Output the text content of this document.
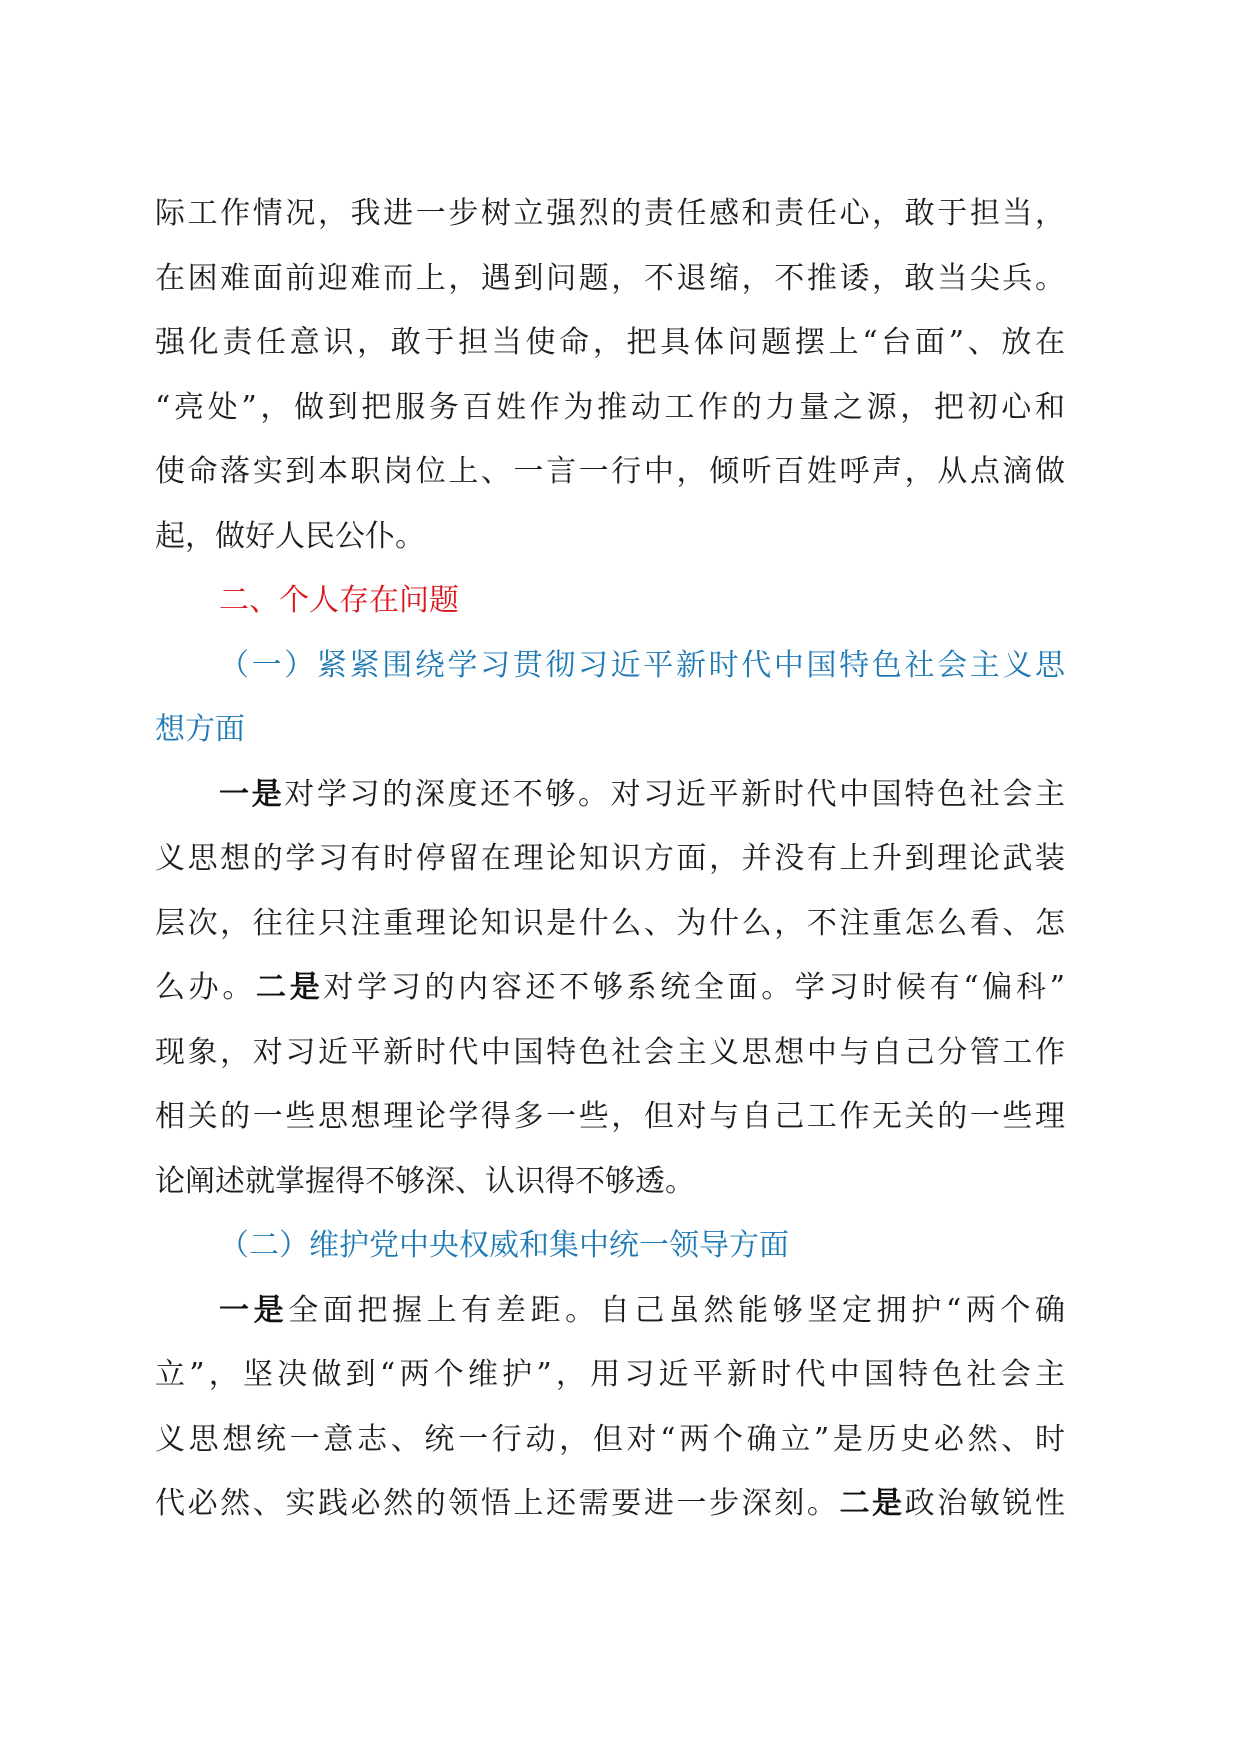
际工作情况，我进一步树立强烈的责任感和责任心，敢于担当，
在困难面前迎难而上，遇到问题，不退缩，不推诿，敢当尖兵。
强化责任意识，敢于担当使命，把具体问题摆上“台面”、放在
“亮处”，做到把服务百姓作为推动工作的力量之源，把初心和
使命落实到本职岗位上、一言一行中，倾听百姓呼声，从点滴做
起，做好人民公仆。
二、个人存在问题
（一）紧紧围绕学习贯彻习近平新时代中国特色社会主义思
想方面
一是对学习的深度还不够。对习近平新时代中国特色社会主
义思想的学习有时停留在理论知识方面，并没有上升到理论武装
层次，往往只注重理论知识是什么、为什么，不注重怎么看、怎
么办。二是对学习的内容还不够系统全面。学习时候有“偏科”
现象，对习近平新时代中国特色社会主义思想中与自己分管工作
相关的一些思想理论学得多一些，但对与自己工作无关的一些理
论阐述就掌握得不够深、认识得不够透。
（二）维护党中央权威和集中统一领导方面
一是全面把握上有差距。自己虽然能够坚定拥护“两个确
立”，坚决做到“两个维护”，用习近平新时代中国特色社会主
义思想统一意志、统一行动，但对“两个确立”是历史必然、时
代必然、实践必然的领悟上还需要进一步深刻。二是政治敏锐性
